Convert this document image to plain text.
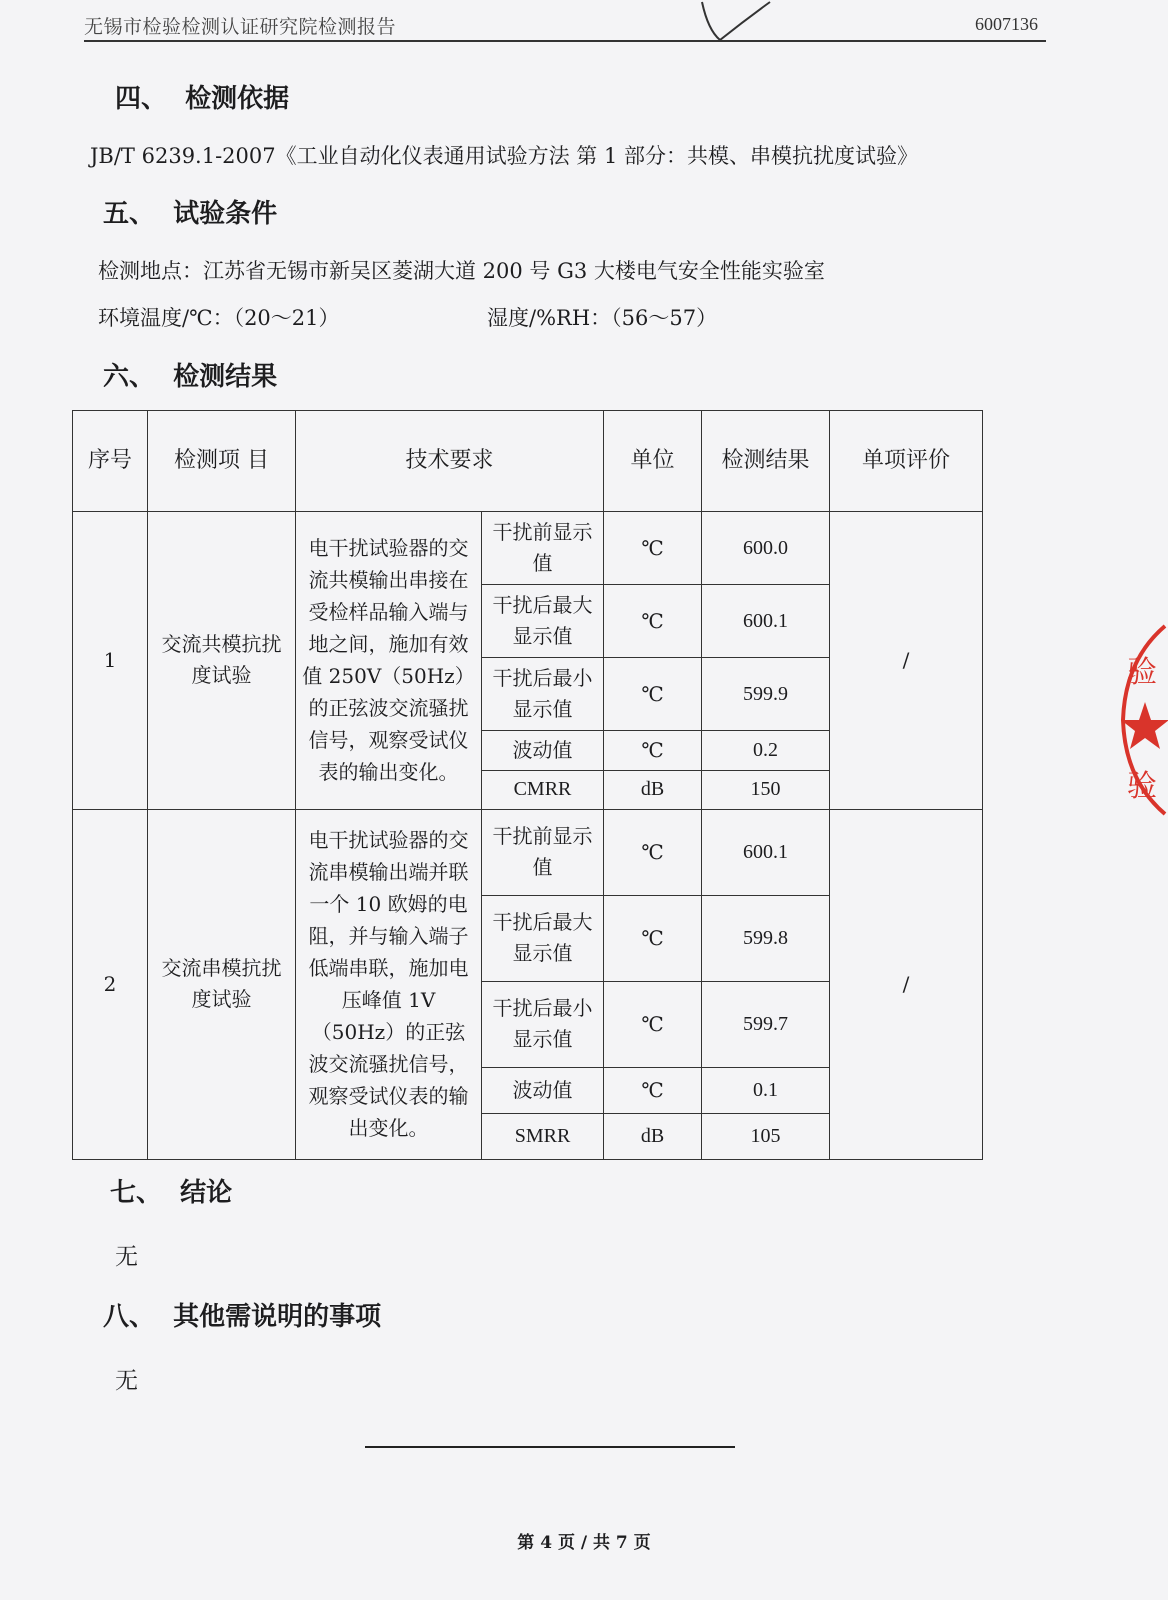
无锡市检验检测认证研究院检测报告	6007136
四、  检测依据
JB/T 6239.1-2007《工业自动化仪表通用试验方法 第 1 部分：共模、串模抗扰度试验》
五、  试验条件
检测地点：江苏省无锡市新吴区菱湖大道 200 号 G3 大楼电气安全性能实验室
环境温度/℃：（20～21）	湿度/%RH：（56～57）
六、  检测结果
序号	检测项 目	技术要求		单位	检测结果	单项评价
1	交流共模抗扰度试验	电干扰试验器的交流共模输出串接在受检样品输入端与地之间，施加有效值 250V（50Hz）的正弦波交流骚扰信号，观察受试仪表的输出变化。	干扰前显示值	℃	600.0	/
			干扰后最大显示值	℃	600.1	
			干扰后最小显示值	℃	599.9	
			波动值	℃	0.2	
			CMRR	dB	150	
2	交流串模抗扰度试验	电干扰试验器的交流串模输出端并联一个 10 欧姆的电阻，并与输入端子低端串联，施加电压峰值 1V（50Hz）的正弦波交流骚扰信号，观察受试仪表的输出变化。	干扰前显示值	℃	600.1	/
			干扰后最大显示值	℃	599.8	
			干扰后最小显示值	℃	599.7	
			波动值	℃	0.1	
			SMRR	dB	105	
七、  结论
无
八、  其他需说明的事项
无
第 4 页 / 共 7 页
验
验
